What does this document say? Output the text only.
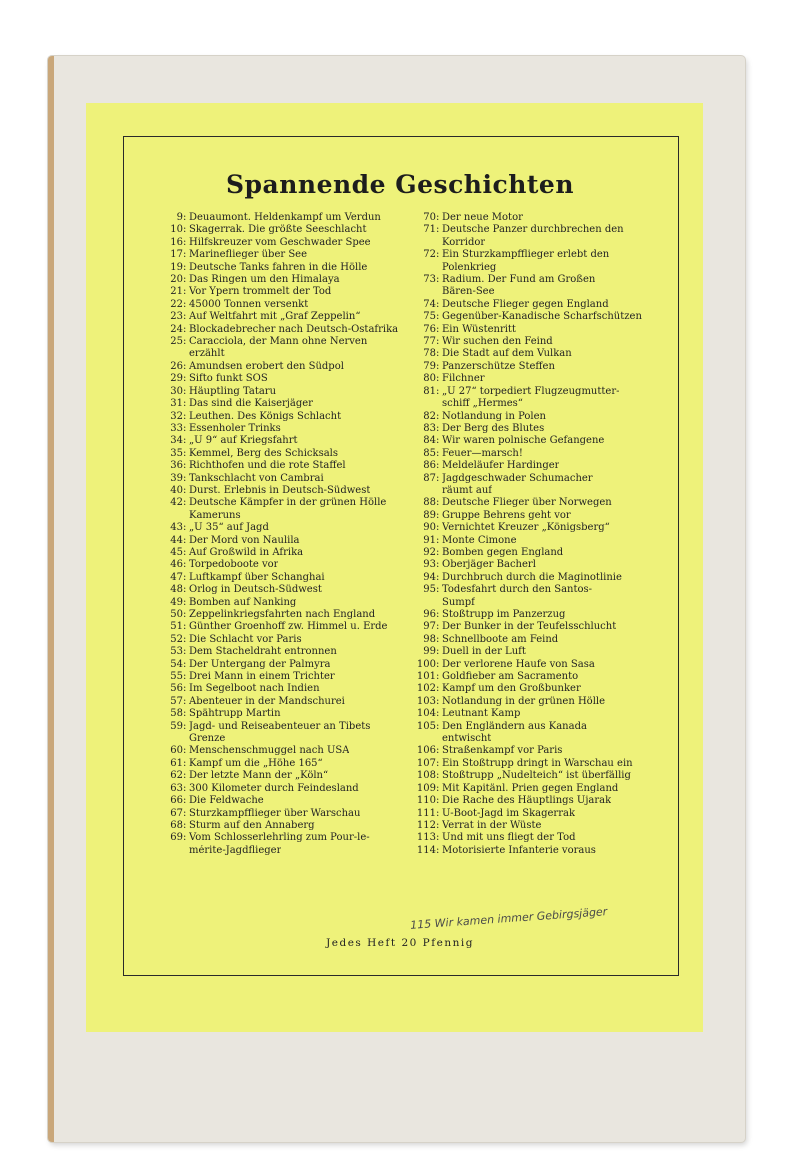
Spannende Geschichten
9 : Deuaumont. Heldenkampf um Verdun
10 : Skagerrak. Die größte Seeschlacht
16 : Hilfskreuzer vom Geschwader Spee
17 : Marineflieger über See
19 : Deutsche Tanks fahren in die Hölle
20 : Das Ringen um den Himalaya
21 : Vor Ypern trommelt der Tod
22 : 45000 Tonnen versenkt
23 : Auf Weltfahrt mit „Graf Zeppelin“
24 : Blockadebrecher nach Deutsch-Ostafrika
25 : Caracciola, der Mann ohne Nerven
erzählt
26 : Amundsen erobert den Südpol
29 : Sifto funkt SOS
30 : Häuptling Tataru
31 : Das sind die Kaiserjäger
32 : Leuthen. Des Königs Schlacht
33 : Essenholer Trinks
34 : „U 9“ auf Kriegsfahrt
35 : Kemmel, Berg des Schicksals
36 : Richthofen und die rote Staffel
39 : Tankschlacht von Cambrai
40 : Durst. Erlebnis in Deutsch-Südwest
42 : Deutsche Kämpfer in der grünen Hölle
Kameruns
43 : „U 35“ auf Jagd
44 : Der Mord von Naulila
45 : Auf Großwild in Afrika
46 : Torpedoboote vor
47 : Luftkampf über Schanghai
48 : Orlog in Deutsch-Südwest
49 : Bomben auf Nanking
50 : Zeppelinkriegsfahrten nach England
51 : Günther Groenhoff zw. Himmel u. Erde
52 : Die Schlacht vor Paris
53 : Dem Stacheldraht entronnen
54 : Der Untergang der Palmyra
55 : Drei Mann in einem Trichter
56 : Im Segelboot nach Indien
57 : Abenteuer in der Mandschurei
58 : Spähtrupp Martin
59 : Jagd- und Reiseabenteuer an Tibets
Grenze
60 : Menschenschmuggel nach USA
61 : Kampf um die „Höhe 165“
62 : Der letzte Mann der „Köln“
63 : 300 Kilometer durch Feindesland
66 : Die Feldwache
67 : Sturzkampfflieger über Warschau
68 : Sturm auf den Annaberg
69 : Vom Schlosserlehrling zum Pour-le-
mérite-Jagdflieger
70 : Der neue Motor
71 : Deutsche Panzer durchbrechen den
Korridor
72 : Ein Sturzkampfflieger erlebt den
Polenkrieg
73 : Radium. Der Fund am Großen
Bären-See
74 : Deutsche Flieger gegen England
75 : Gegenüber-Kanadische Scharfschützen
76 : Ein Wüstenritt
77 : Wir suchen den Feind
78 : Die Stadt auf dem Vulkan
79 : Panzerschütze Steffen
80 : Filchner
81 : „U 27“ torpediert Flugzeugmutter-
schiff „Hermes“
82 : Notlandung in Polen
83 : Der Berg des Blutes
84 : Wir waren polnische Gefangene
85 : Feuer—marsch!
86 : Meldeläufer Hardinger
87 : Jagdgeschwader Schumacher
räumt auf
88 : Deutsche Flieger über Norwegen
89 : Gruppe Behrens geht vor
90 : Vernichtet Kreuzer „Königsberg“
91 : Monte Cimone
92 : Bomben gegen England
93 : Oberjäger Bacherl
94 : Durchbruch durch die Maginotlinie
95 : Todesfahrt durch den Santos-
Sumpf
96 : Stoßtrupp im Panzerzug
97 : Der Bunker in der Teufelsschlucht
98 : Schnellboote am Feind
99 : Duell in der Luft
100 : Der verlorene Haufe von Sasa
101 : Goldfieber am Sacramento
102 : Kampf um den Großbunker
103 : Notlandung in der grünen Hölle
104 : Leutnant Kamp
105 : Den Engländern aus Kanada
entwischt
106 : Straßenkampf vor Paris
107 : Ein Stoßtrupp dringt in Warschau ein
108 : Stoßtrupp „Nudelteich“ ist überfällig
109 : Mit Kapitänl. Prien gegen England
110 : Die Rache des Häuptlings Ujarak
111 : U-Boot-Jagd im Skagerrak
112 : Verrat in der Wüste
113 : Und mit uns fliegt der Tod
114 : Motorisierte Infanterie voraus
Jedes Heft 20 Pfennig
115 Wir kamen immer Gebirgsjäger
